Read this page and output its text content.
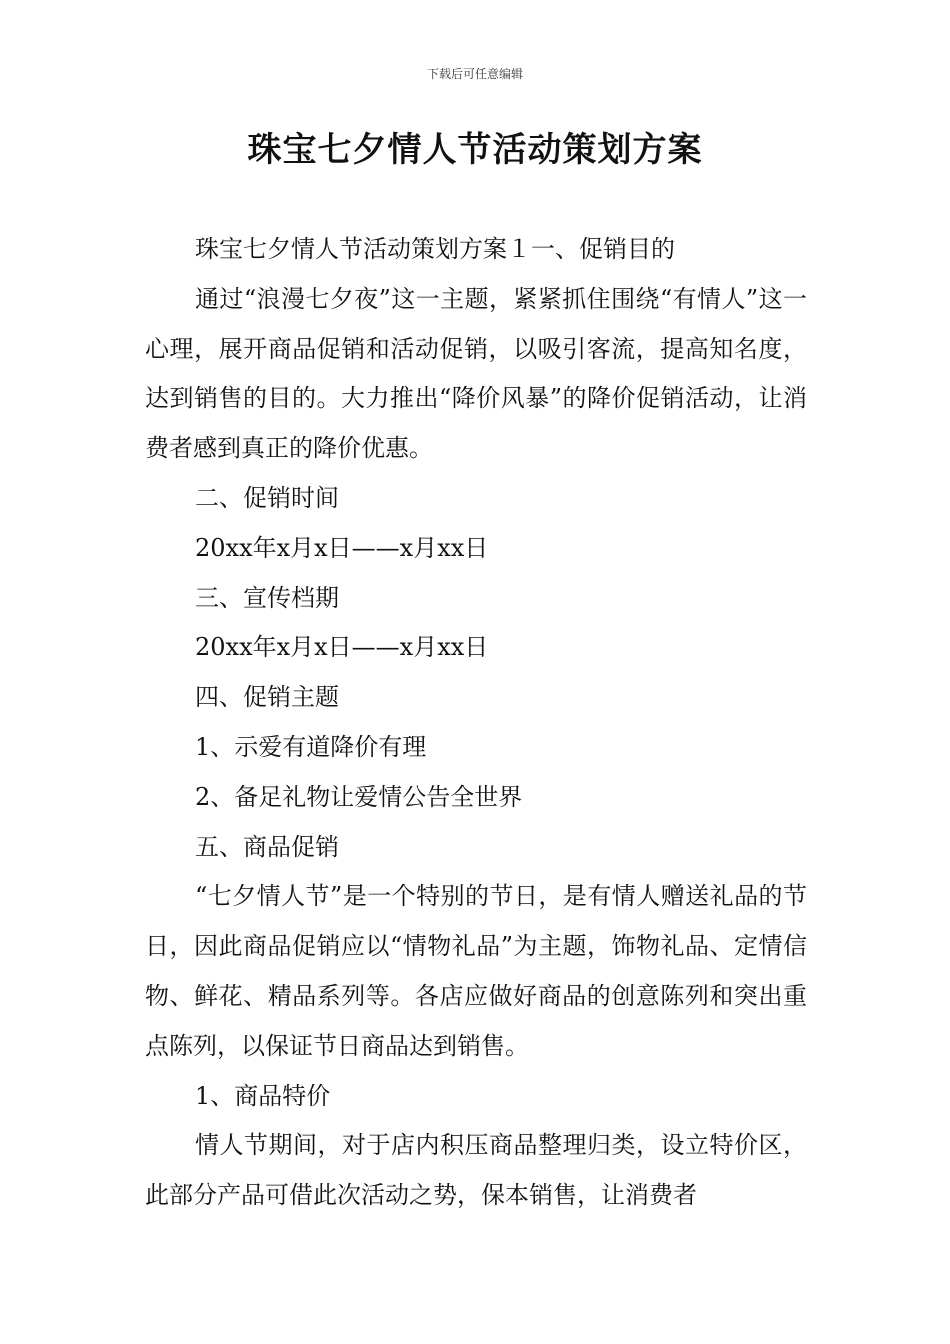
下载后可任意编辑
珠宝七夕情人节活动策划方案

珠宝七夕情人节活动策划方案１一、促销目的

通过“浪漫七夕夜”这一主题，紧紧抓住围绕“有情人”这一心理，展开商品促销和活动促销，以吸引客流，提高知名度，达到销售的目的。大力推出“降价风暴”的降价促销活动，让消费者感到真正的降价优惠。

二、促销时间

20xx年x月x日——x月xx日

三、宣传档期

20xx年x月x日——x月xx日

四、促销主题

1、示爱有道降价有理

2、备足礼物让爱情公告全世界

五、商品促销

“七夕情人节”是一个特别的节日，是有情人赠送礼品的节日，因此商品促销应以“情物礼品”为主题，饰物礼品、定情信物、鲜花、精品系列等。各店应做好商品的创意陈列和突出重点陈列，以保证节日商品达到销售。

1、商品特价

情人节期间，对于店内积压商品整理归类，设立特价区，此部分产品可借此次活动之势，保本销售，让消费者
